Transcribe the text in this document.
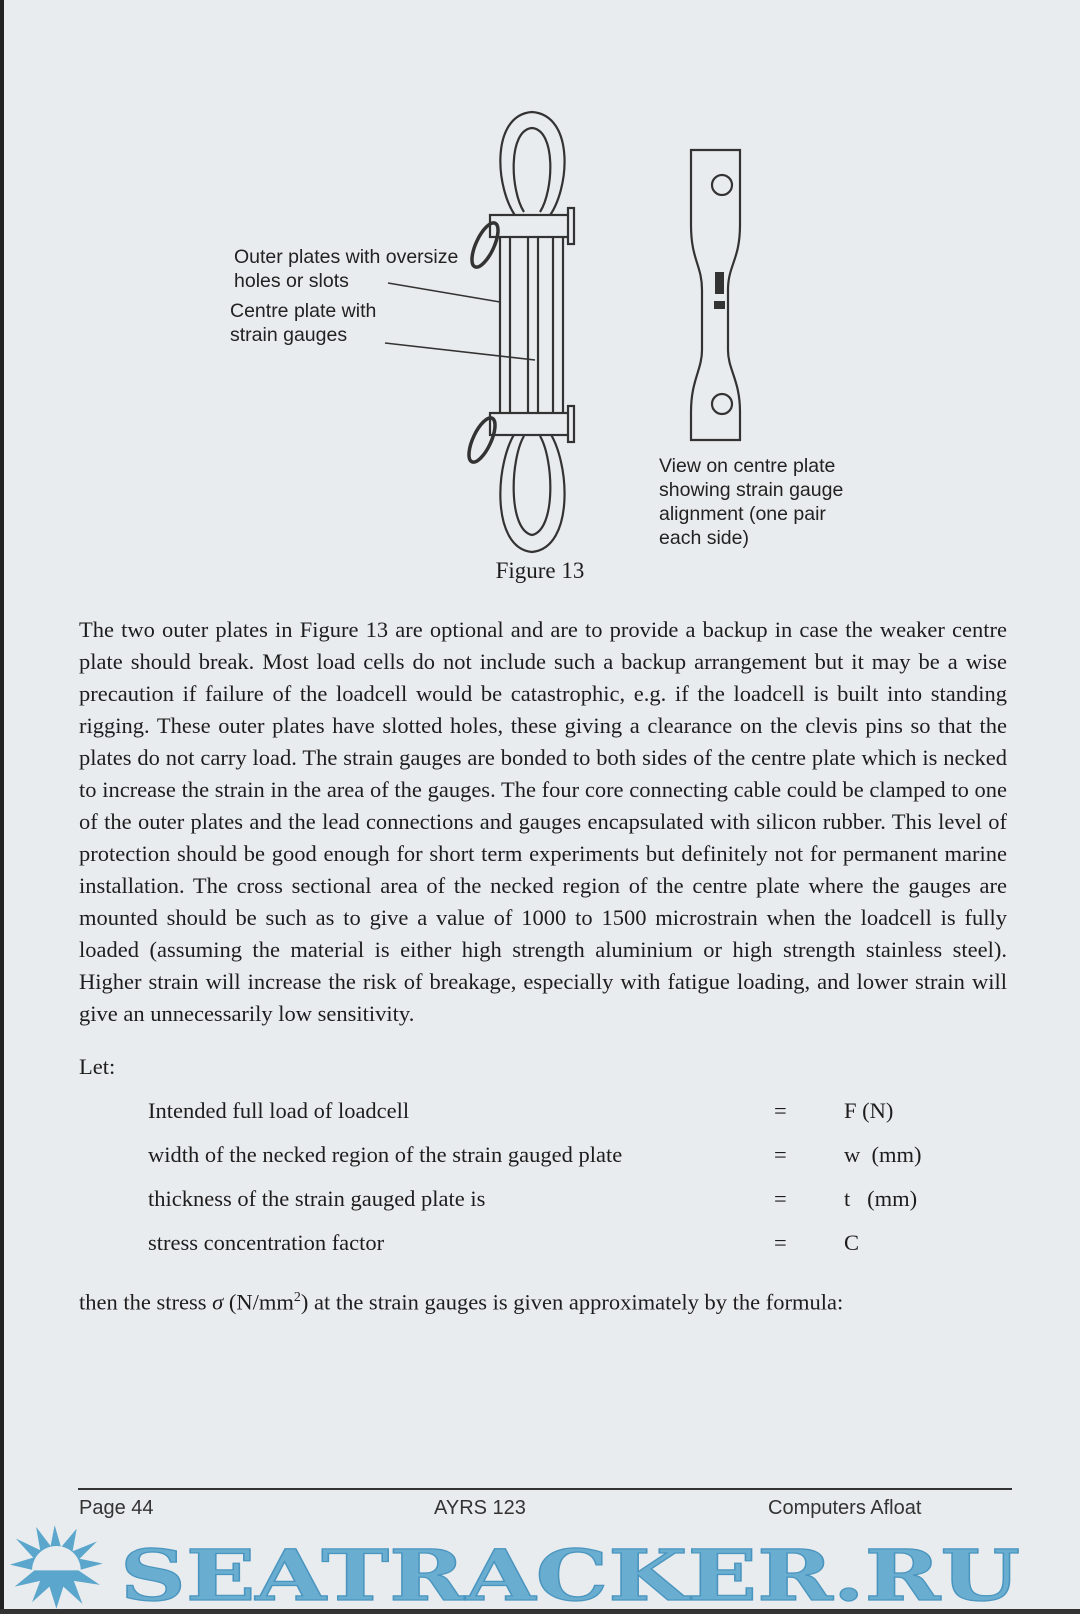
Outer plates with oversize
holes or slots
Centre plate with
strain gauges
View on centre plate
showing strain gauge
alignment (one pair
each side)
Figure 13

The two outer plates in Figure 13 are optional and are to provide a backup in case the weaker centre plate should break. Most load cells do not include such a backup arrangement but it may be a wise precaution if failure of the loadcell would be catastrophic, e.g. if the loadcell is built into standing rigging. These outer plates have slotted holes, these giving a clearance on the clevis pins so that the plates do not carry load. The strain gauges are bonded to both sides of the centre plate which is necked to increase the strain in the area of the gauges. The four core connecting cable could be clamped to one of the outer plates and the lead connections and gauges encapsulated with silicon rubber. This level of protection should be good enough for short term experiments but definitely not for permanent marine installation. The cross sectional area of the necked region of the centre plate where the gauges are mounted should be such as to give a value of 1000 to 1500 microstrain when the loadcell is fully loaded (assuming the material is either high strength aluminium or high strength stainless steel). Higher strain will increase the risk of breakage, especially with fatigue loading, and lower strain will give an unnecessarily low sensitivity.

Let:
Intended full load of loadcell	=	F (N)
width of the necked region of the strain gauged plate	=	w  (mm)
thickness of the strain gauged plate is	=	t   (mm)
stress concentration factor	=	C

then the stress σ $(N/mm^2)$ at the strain gauges is given approximately by the formula:

Page 44	AYRS 123	Computers Afloat
SEATRACKER.RU
